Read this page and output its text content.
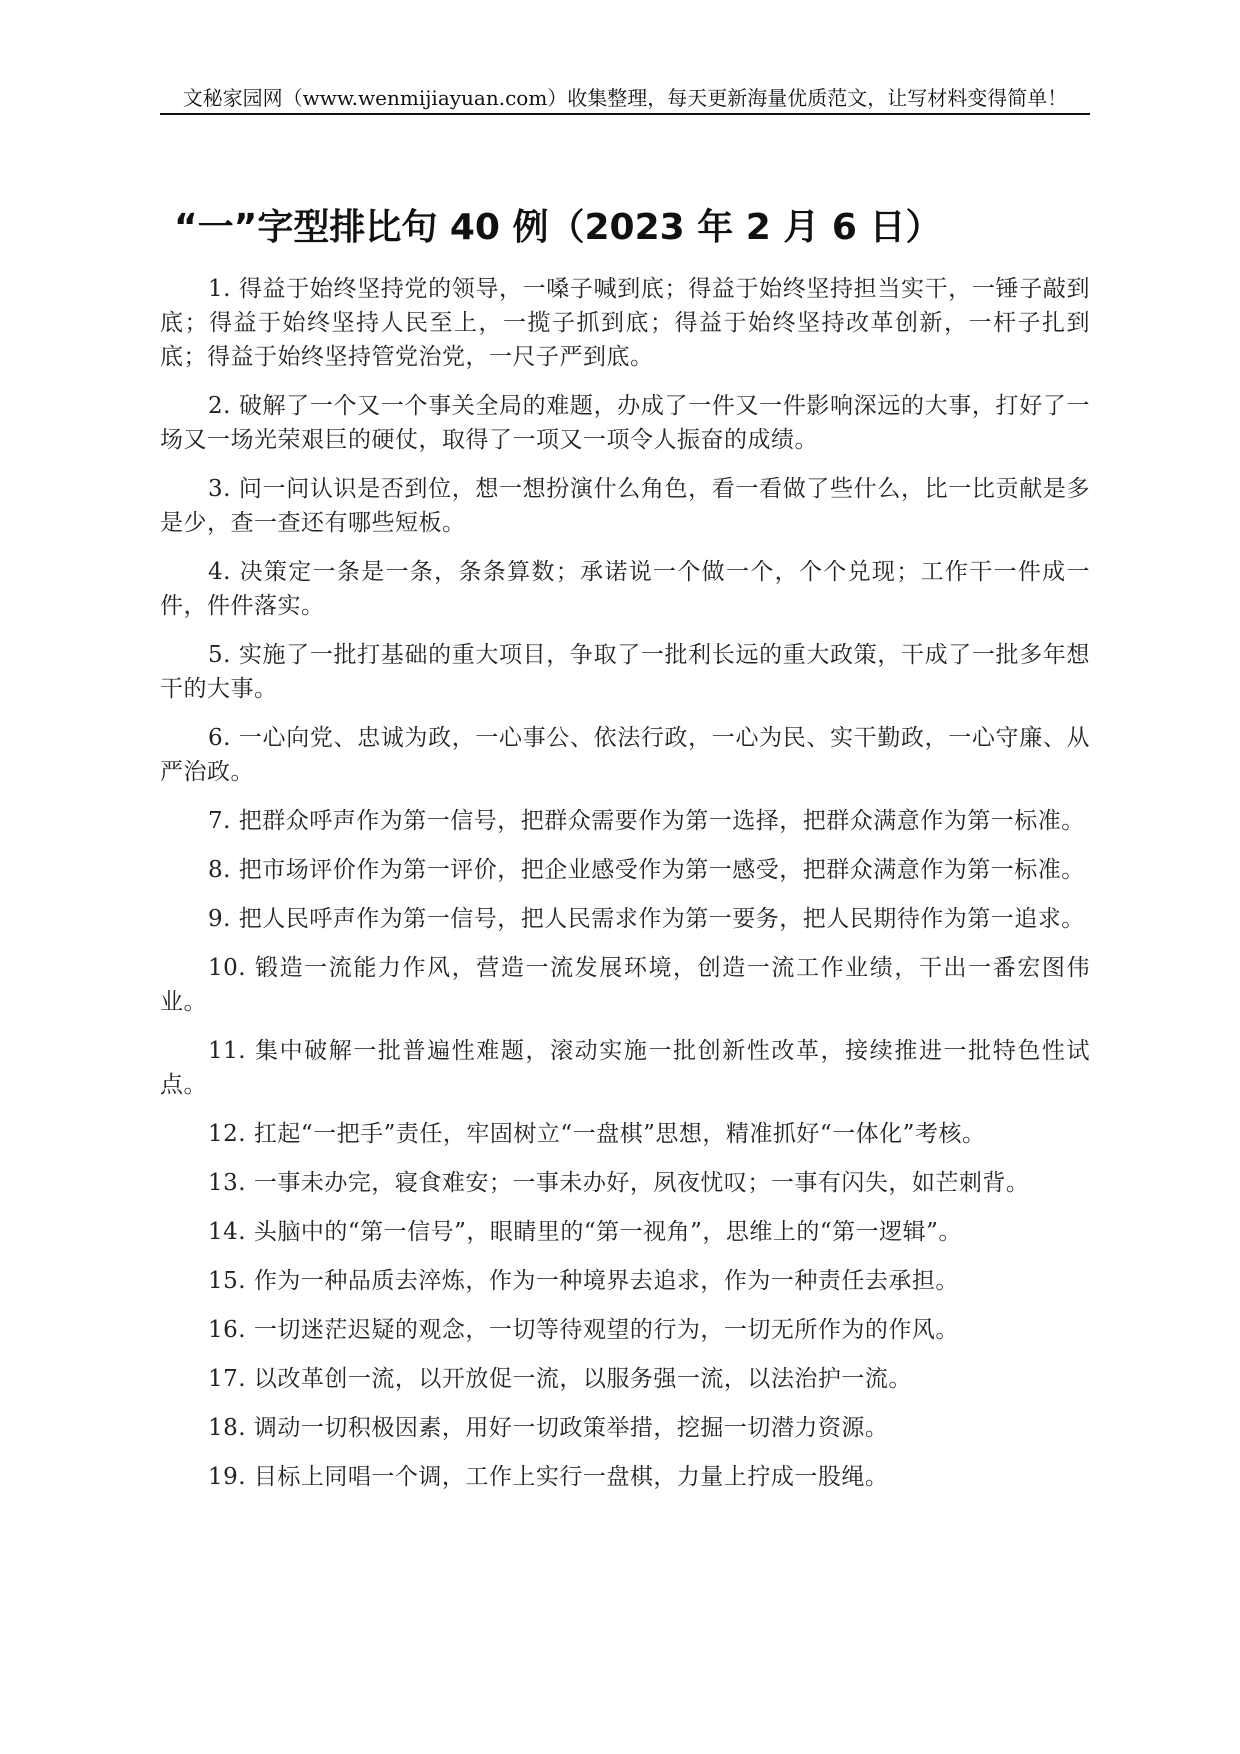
文秘家园网（www.wenmijiayuan.com）收集整理，每天更新海量优质范文，让写材料变得简单！
“一”字型排比句 40 例（2023 年 2 月 6 日）

1. 得益于始终坚持党的领导，一嗓子喊到底；得益于始终坚持担当实干，一锤子敲到底；得益于始终坚持人民至上，一揽子抓到底；得益于始终坚持改革创新，一杆子扎到底；得益于始终坚持管党治党，一尺子严到底。

2. 破解了一个又一个事关全局的难题，办成了一件又一件影响深远的大事，打好了一场又一场光荣艰巨的硬仗，取得了一项又一项令人振奋的成绩。

3. 问一问认识是否到位，想一想扮演什么角色，看一看做了些什么，比一比贡献是多是少，查一查还有哪些短板。

4. 决策定一条是一条，条条算数；承诺说一个做一个，个个兑现；工作干一件成一件，件件落实。

5. 实施了一批打基础的重大项目，争取了一批利长远的重大政策，干成了一批多年想干的大事。

6. 一心向党、忠诚为政，一心事公、依法行政，一心为民、实干勤政，一心守廉、从严治政。

7. 把群众呼声作为第一信号，把群众需要作为第一选择，把群众满意作为第一标准。

8. 把市场评价作为第一评价，把企业感受作为第一感受，把群众满意作为第一标准。

9. 把人民呼声作为第一信号，把人民需求作为第一要务，把人民期待作为第一追求。

10. 锻造一流能力作风，营造一流发展环境，创造一流工作业绩，干出一番宏图伟业。

11. 集中破解一批普遍性难题，滚动实施一批创新性改革，接续推进一批特色性试点。

12. 扛起“一把手”责任，牢固树立“一盘棋”思想，精准抓好“一体化”考核。

13. 一事未办完，寝食难安；一事未办好，夙夜忧叹；一事有闪失，如芒刺背。

14. 头脑中的“第一信号”，眼睛里的“第一视角”，思维上的“第一逻辑”。

15. 作为一种品质去淬炼，作为一种境界去追求，作为一种责任去承担。

16. 一切迷茫迟疑的观念，一切等待观望的行为，一切无所作为的作风。

17. 以改革创一流，以开放促一流，以服务强一流，以法治护一流。

18. 调动一切积极因素，用好一切政策举措，挖掘一切潜力资源。

19. 目标上同唱一个调，工作上实行一盘棋，力量上拧成一股绳。
